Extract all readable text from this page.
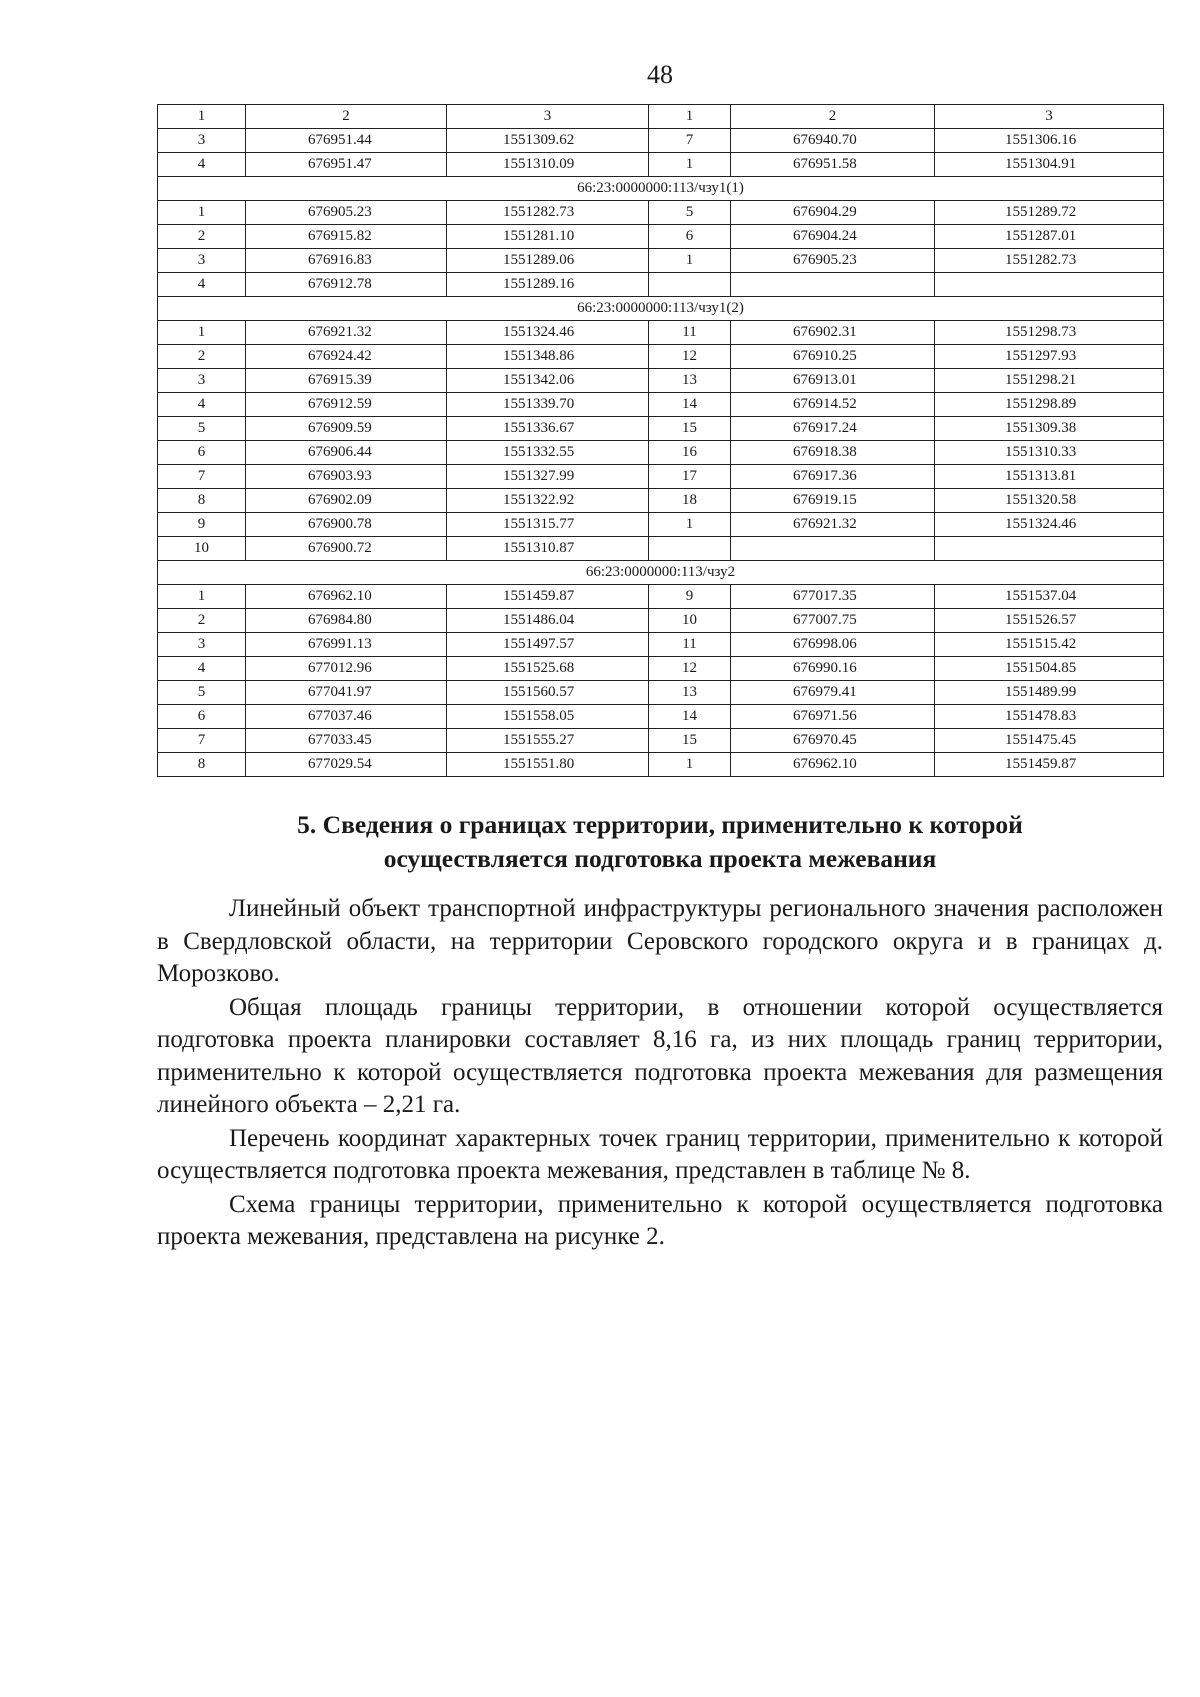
48
1	2	3	1	2	3
3	676951.44	1551309.62	7	676940.70	1551306.16
4	676951.47	1551310.09	1	676951.58	1551304.91
66:23:0000000:113/чзу1(1)					
1	676905.23	1551282.73	5	676904.29	1551289.72
2	676915.82	1551281.10	6	676904.24	1551287.01
3	676916.83	1551289.06	1	676905.23	1551282.73
4	676912.78	1551289.16			
66:23:0000000:113/чзу1(2)					
1	676921.32	1551324.46	11	676902.31	1551298.73
2	676924.42	1551348.86	12	676910.25	1551297.93
3	676915.39	1551342.06	13	676913.01	1551298.21
4	676912.59	1551339.70	14	676914.52	1551298.89
5	676909.59	1551336.67	15	676917.24	1551309.38
6	676906.44	1551332.55	16	676918.38	1551310.33
7	676903.93	1551327.99	17	676917.36	1551313.81
8	676902.09	1551322.92	18	676919.15	1551320.58
9	676900.78	1551315.77	1	676921.32	1551324.46
10	676900.72	1551310.87			
66:23:0000000:113/чзу2					
1	676962.10	1551459.87	9	677017.35	1551537.04
2	676984.80	1551486.04	10	677007.75	1551526.57
3	676991.13	1551497.57	11	676998.06	1551515.42
4	677012.96	1551525.68	12	676990.16	1551504.85
5	677041.97	1551560.57	13	676979.41	1551489.99
6	677037.46	1551558.05	14	676971.56	1551478.83
7	677033.45	1551555.27	15	676970.45	1551475.45
8	677029.54	1551551.80	1	676962.10	1551459.87
5. Сведения о границах территории, применительно к которой
осуществляется подготовка проекта межевания

Линейный объект транспортной инфраструктуры регионального значения расположен в Свердловской области, на территории Серовского городского округа и в границах д. Морозково.

Общая площадь границы территории, в отношении которой осуществляется подготовка проекта планировки составляет 8,16 га, из них площадь границ территории, применительно к которой осуществляется подготовка проекта межевания для размещения линейного объекта – 2,21 га.

Перечень координат характерных точек границ территории, применительно к которой осуществляется подготовка проекта межевания, представлен в таблице № 8.

Схема границы территории, применительно к которой осуществляется подготовка проекта межевания, представлена на рисунке 2.
